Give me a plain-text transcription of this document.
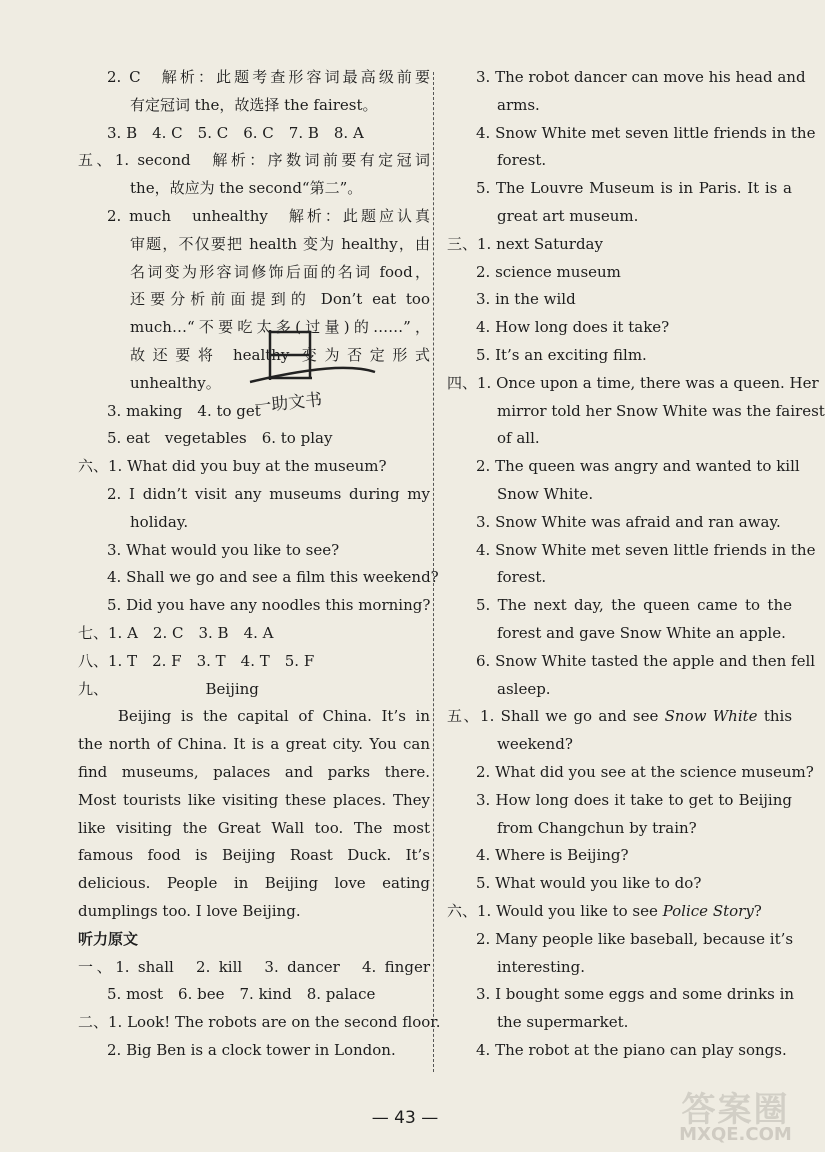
2. C　解析：此题考查形容词最高级前要
有定冠词 the，故选择 the fairest。
3. B　4. C　5. C　6. C　7. B　8. A
五、1. second　解析：序数词前要有定冠词
the，故应为 the second“第二”。
2. much　unhealthy　解析：此题应认真
审题，不仅要把 health 变为 healthy，由
名词变为形容词修饰后面的名词 food，
还要分析前面提到的 Don’t eat too
much…“不要吃太多(过量)的……”，
故还要将 healthy 变为否定形式
unhealthy。
3. making　4. to get
5. eat　vegetables　6. to play
六、1. What did you buy at the museum?
2. I didn’t visit any museums during my
holiday.
3. What would you like to see?
4. Shall we go and see a film this weekend?
5. Did you have any noodles this morning?
七、1. A　2. C　3. B　4. A
八、1. T　2. F　3. T　4. T　5. F
九、　　　　　　　Beijing
　Beijing is the capital of China. It’s in
the north of China. It is a great city. You can
find museums, palaces and parks there.
Most tourists like visiting these places. They
like visiting the Great Wall too. The most
famous food is Beijing Roast Duck. It’s
delicious. People in Beijing love eating
dumplings too. I love Beijing.
听力原文
一、1. shall　2. kill　3. dancer　4. finger
5. most　6. bee　7. kind　8. palace
二、1. Look! The robots are on the second floor.
2. Big Ben is a clock tower in London.
3. The robot dancer can move his head and
arms.
4. Snow White met seven little friends in the
forest.
5. The Louvre Museum is in Paris. It is a
great art museum.
三、1. next Saturday
2. science museum
3. in the wild
4. How long does it take?
5. It’s an exciting film.
四、1. Once upon a time, there was a queen. Her
mirror told her Snow White was the fairest
of all.
2. The queen was angry and wanted to kill
Snow White.
3. Snow White was afraid and ran away.
4. Snow White met seven little friends in the
forest.
5. The next day, the queen came to the
forest and gave Snow White an apple.
6. Snow White tasted the apple and then fell
asleep.
五、1. Shall we go and see Snow White this
weekend?
2. What did you see at the science museum?
3. How long does it take to get to Beijing
from Changchun by train?
4. Where is Beijing?
5. What would you like to do?
六、1. Would you like to see Police Story?
2. Many people like baseball, because it’s
interesting.
3. I bought some eggs and some drinks in
the supermarket.
4. The robot at the piano can play songs.
一助文书
— 43 —	答案圈
MXQE.COM
